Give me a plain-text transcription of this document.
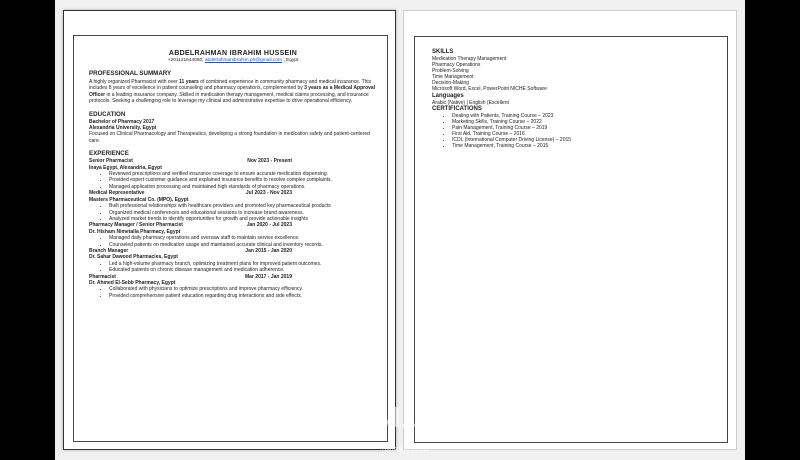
ABDELRAHMAN IBRAHIM HUSSEIN
+201121644060; abdelrahmanibrahim.ph@gmail.com ; Egypt
PROFESSIONAL SUMMARY

A highly organized Pharmacist with over 11 years of combined experience in community pharmacy and medical insurance. This includes 8 years of excellence in patient counseling and pharmacy operations, complemented by 3 years as a Medical Approval Officer in a leading insurance company. Skilled in medication therapy management, medical claims processing, and insurance protocols. Seeking a challenging role to leverage my clinical and administrative expertise to drive operational efficiency.

EDUCATION
Bachelor of Pharmacy 2017
Alexandria University, Egypt
Focused on Clinical Pharmacology and Therapeutics, developing a strong foundation in medication safety and patient-centered care.
EXPERIENCE
Senior Pharmacist	Nov 2023 - Present
Inaya Egypt, Alexandria, Egypt
• Reviewed prescriptions and verified insurance coverage to ensure accurate medication dispensing.
• Provided expert customer guidance and explained insurance benefits to resolve complex complaints.
• Managed application processing and maintained high standards of pharmacy operations.
Medical Representative	Jul 2023 - Nov 2023
Masters Pharmaceutical Co. (MPO), Egypt
• Built professional relationships with healthcare providers and promoted key pharmaceutical products
• Organized medical conferences and educational sessions to increase brand awareness.
• Analyzed market trends to identify opportunities for growth and provide actionable insights
Pharmacy Manager / Senior Pharmacist	Jan 2020 - Jul 2023
Dr. Hisham Nimetalla Pharmacy, Egypt
• Managed daily pharmacy operations and oversaw staff to maintain service excellence.
• Counseled patients on medication usage and maintained accurate clinical and inventory records.
Branch Manager	Jan 2015 - Jan 2020
Dr. Sahar Dawood Pharmacies, Egypt
• Led a high-volume pharmacy branch, optimizing treatment plans for improved patient outcomes.
• Educated patients on chronic disease management and medication adherence.
Pharmacist	Mar 2017 - Jan 2019
Dr. Ahmed El-Sebb Pharmacy, Egypt
• Collaborated with physicians to optimize prescriptions and improve pharmacy efficiency.
• Provided comprehensive patient education regarding drug interactions and side effects.
SKILLS
Medication Therapy Management
Pharmacy Operations
Problem-Solving
Time Management
Decision-Making
Microsoft Word, Excel, PowerPoint NICHE Software
Languages
Arabic (Native) | English (Excellent
CERTIFICATIONS
• Dealing with Patients, Training Course – 2023
• Marketing Skills, Training Course – 2022
• Pain Management, Training Course – 2019
• First Aid, Training Course – 2016
• ICDL (International Computer Driving License) – 2015
• Time Management, Training Course – 2015
نفذلي
nafezly.com
